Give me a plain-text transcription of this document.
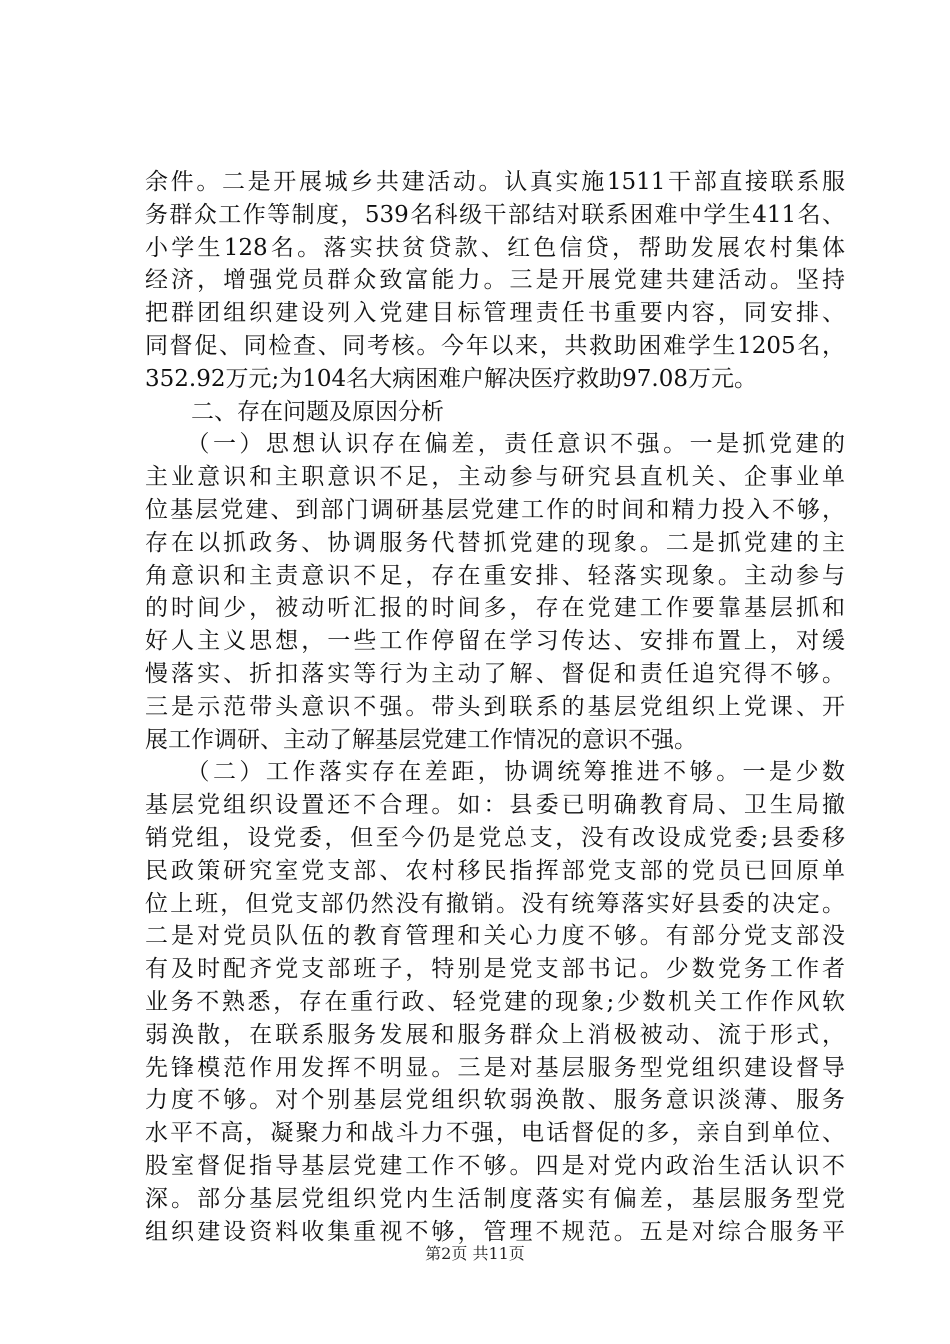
余件。二是开展城乡共建活动。认真实施1511干部直接联系服
务群众工作等制度，539名科级干部结对联系困难中学生411名、
小学生128名。落实扶贫贷款、红色信贷，帮助发展农村集体
经济，增强党员群众致富能力。三是开展党建共建活动。坚持
把群团组织建设列入党建目标管理责任书重要内容，同安排、
同督促、同检查、同考核。今年以来，共救助困难学生1205名，
352.92万元;为104名大病困难户解决医疗救助97.08万元。
　　二、存在问题及原因分析
　　（一）思想认识存在偏差，责任意识不强。一是抓党建的
主业意识和主职意识不足，主动参与研究县直机关、企事业单
位基层党建、到部门调研基层党建工作的时间和精力投入不够，
存在以抓政务、协调服务代替抓党建的现象。二是抓党建的主
角意识和主责意识不足，存在重安排、轻落实现象。主动参与
的时间少，被动听汇报的时间多，存在党建工作要靠基层抓和
好人主义思想，一些工作停留在学习传达、安排布置上，对缓
慢落实、折扣落实等行为主动了解、督促和责任追究得不够。
三是示范带头意识不强。带头到联系的基层党组织上党课、开
展工作调研、主动了解基层党建工作情况的意识不强。
　　（二）工作落实存在差距，协调统筹推进不够。一是少数
基层党组织设置还不合理。如：县委已明确教育局、卫生局撤
销党组，设党委，但至今仍是党总支，没有改设成党委;县委移
民政策研究室党支部、农村移民指挥部党支部的党员已回原单
位上班，但党支部仍然没有撤销。没有统筹落实好县委的决定。
二是对党员队伍的教育管理和关心力度不够。有部分党支部没
有及时配齐党支部班子，特别是党支部书记。少数党务工作者
业务不熟悉，存在重行政、轻党建的现象;少数机关工作作风软
弱涣散，在联系服务发展和服务群众上消极被动、流于形式，
先锋模范作用发挥不明显。三是对基层服务型党组织建设督导
力度不够。对个别基层党组织软弱涣散、服务意识淡薄、服务
水平不高，凝聚力和战斗力不强，电话督促的多，亲自到单位、
股室督促指导基层党建工作不够。四是对党内政治生活认识不
深。部分基层党组织党内生活制度落实有偏差，基层服务型党
组织建设资料收集重视不够，管理不规范。五是对综合服务平
第2页 共11页
